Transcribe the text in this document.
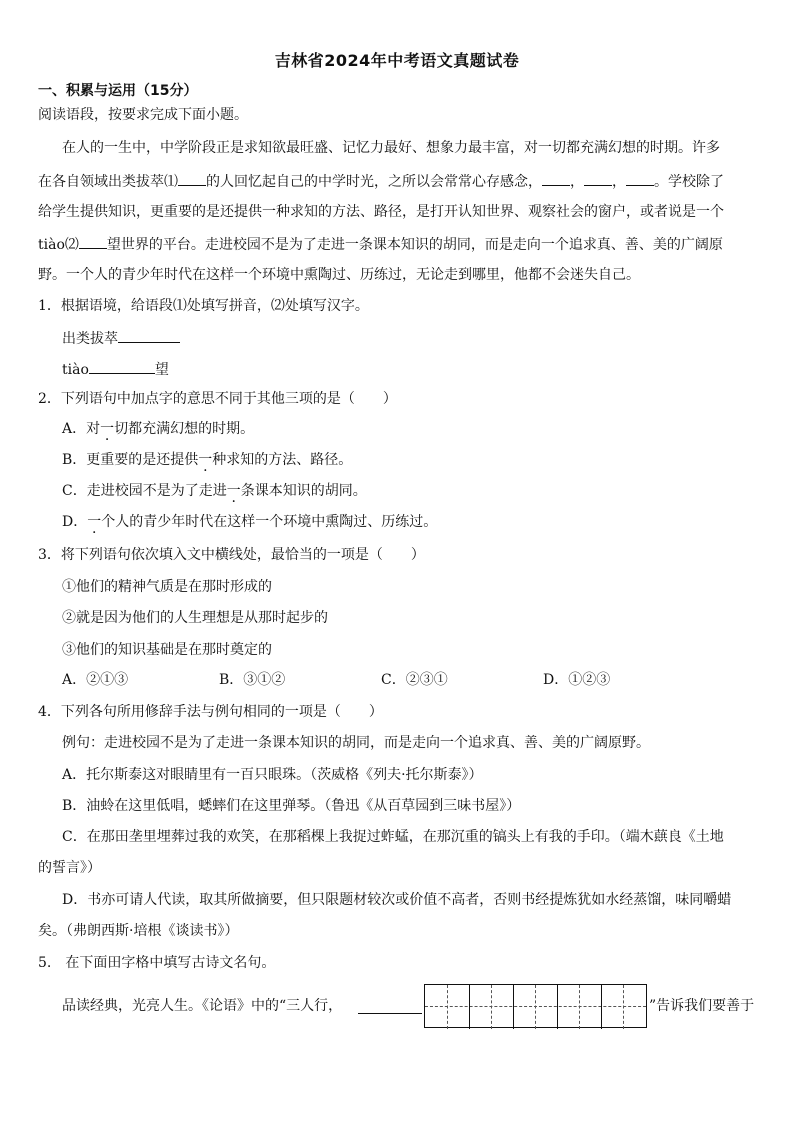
吉林省2024年中考语文真题试卷
一、积累与运用（15分）
阅读语段，按要求完成下面小题。
在人的一生中，中学阶段正是求知欲最旺盛、记忆力最好、想象力最丰富，对一切都充满幻想的时期。许多
在各自领域出类拔萃⑴ 的人回忆起自己的中学时光，之所以会常常心存感念， ， ， 。学校除了
给学生提供知识，更重要的是还提供一种求知的方法、路径，是打开认知世界、观察社会的窗户，或者说是一个
tiào⑵ 望世界的平台。走进校园不是为了走进一条课本知识的胡同，而是走向一个追求真、善、美的广阔原
野。一个人的青少年时代在这样一个环境中熏陶过、历练过，无论走到哪里，他都不会迷失自己。
1．根据语境，给语段⑴处填写拼音，⑵处填写汉字。
出类拔萃
tiào	望
2．下列语句中加点字的意思不同于其他三项的是（　　）
A．对一切都充满幻想的时期。
B．更重要的是还提供一种求知的方法、路径。
C．走进校园不是为了走进一条课本知识的胡同。
D．一个人的青少年时代在这样一个环境中熏陶过、历练过。
3．将下列语句依次填入文中横线处，最恰当的一项是（　　）
①他们的精神气质是在那时形成的
②就是因为他们的人生理想是从那时起步的
③他们的知识基础是在那时奠定的
A．②①③	B．③①②	C．②③①	D．①②③
4．下列各句所用修辞手法与例句相同的一项是（　　）
例句：走进校园不是为了走进一条课本知识的胡同，而是走向一个追求真、善、美的广阔原野。
A．托尔斯泰这对眼睛里有一百只眼珠。（茨威格《列夫·托尔斯泰》）
B．油蛉在这里低唱，蟋蟀们在这里弹琴。（鲁迅《从百草园到三味书屋》）
C．在那田垄里埋葬过我的欢笑，在那稻棵上我捉过蚱蜢，在那沉重的镐头上有我的手印。（端木蕻良《土地
的誓言》）
D．书亦可请人代读，取其所做摘要，但只限题材较次或价值不高者，否则书经提炼犹如水经蒸馏，味同嚼蜡
矣。（弗朗西斯·培根《谈读书》）
5.　在下面田字格中填写古诗文名句。
品读经典，光亮人生。《论语》中的“三人行，	”告诉我们要善于
